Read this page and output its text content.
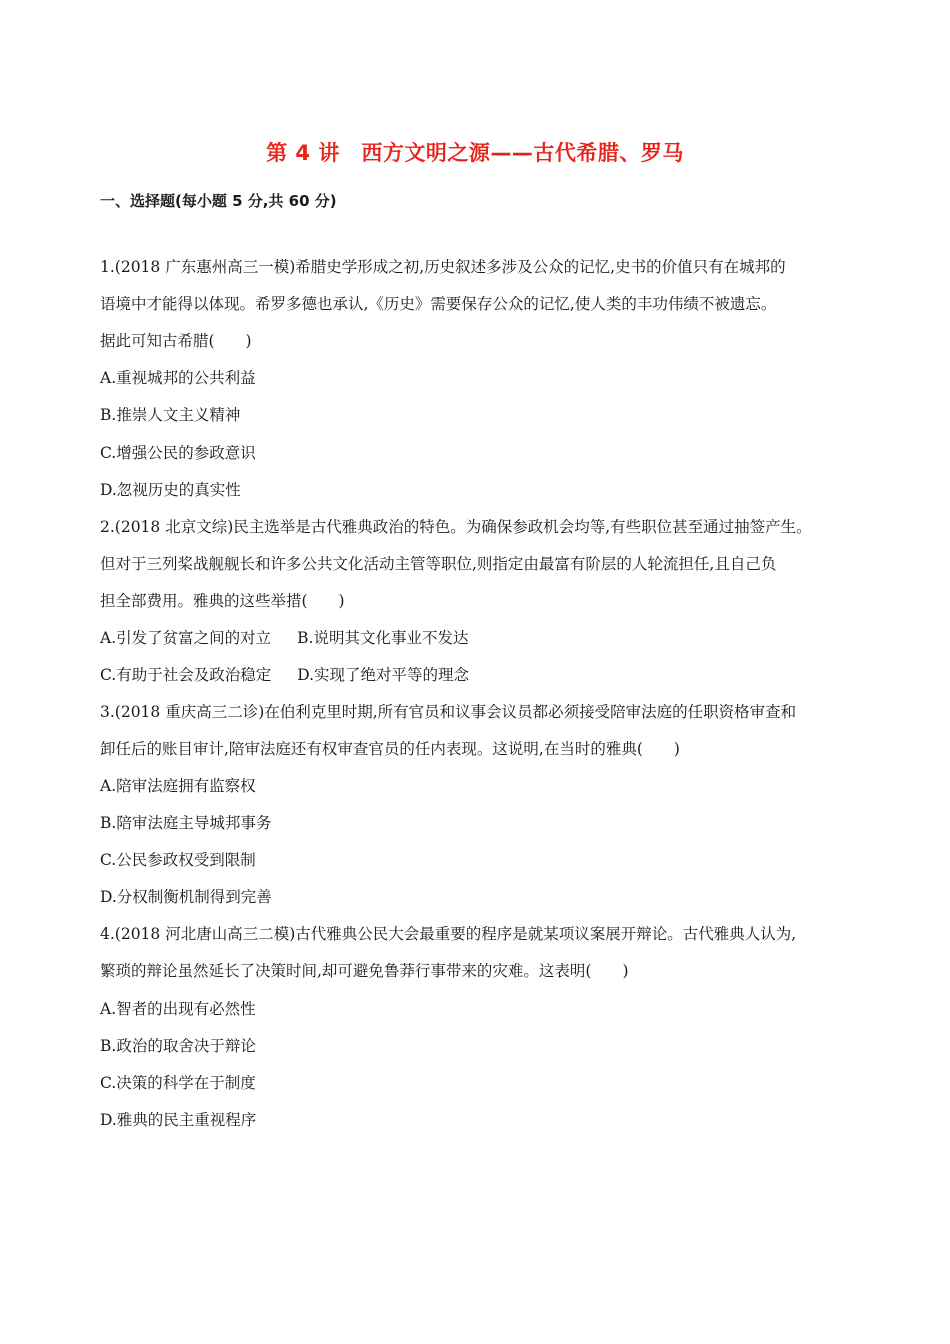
第 4 讲　西方文明之源——古代希腊、罗马
一、选择题(每小题 5 分,共 60 分)
1.(2018 广东惠州高三一模)希腊史学形成之初,历史叙述多涉及公众的记忆,史书的价值只有在城邦的
语境中才能得以体现。希罗多德也承认,《历史》需要保存公众的记忆,使人类的丰功伟绩不被遗忘。
据此可知古希腊(　　)
A.重视城邦的公共利益
B.推崇人文主义精神
C.增强公民的参政意识
D.忽视历史的真实性
2.(2018 北京文综)民主选举是古代雅典政治的特色。为确保参政机会均等,有些职位甚至通过抽签产生。
但对于三列桨战舰舰长和许多公共文化活动主管等职位,则指定由最富有阶层的人轮流担任,且自己负
担全部费用。雅典的这些举措(　　)
A.引发了贫富之间的对立 B.说明其文化事业不发达
C.有助于社会及政治稳定 D.实现了绝对平等的理念
3.(2018 重庆高三二诊)在伯利克里时期,所有官员和议事会议员都必须接受陪审法庭的任职资格审查和
卸任后的账目审计,陪审法庭还有权审查官员的任内表现。这说明,在当时的雅典(　　)
A.陪审法庭拥有监察权
B.陪审法庭主导城邦事务
C.公民参政权受到限制
D.分权制衡机制得到完善
4.(2018 河北唐山高三二模)古代雅典公民大会最重要的程序是就某项议案展开辩论。古代雅典人认为,
繁琐的辩论虽然延长了决策时间,却可避免鲁莽行事带来的灾难。这表明(　　)
A.智者的出现有必然性
B.政治的取舍决于辩论
C.决策的科学在于制度
D.雅典的民主重视程序
